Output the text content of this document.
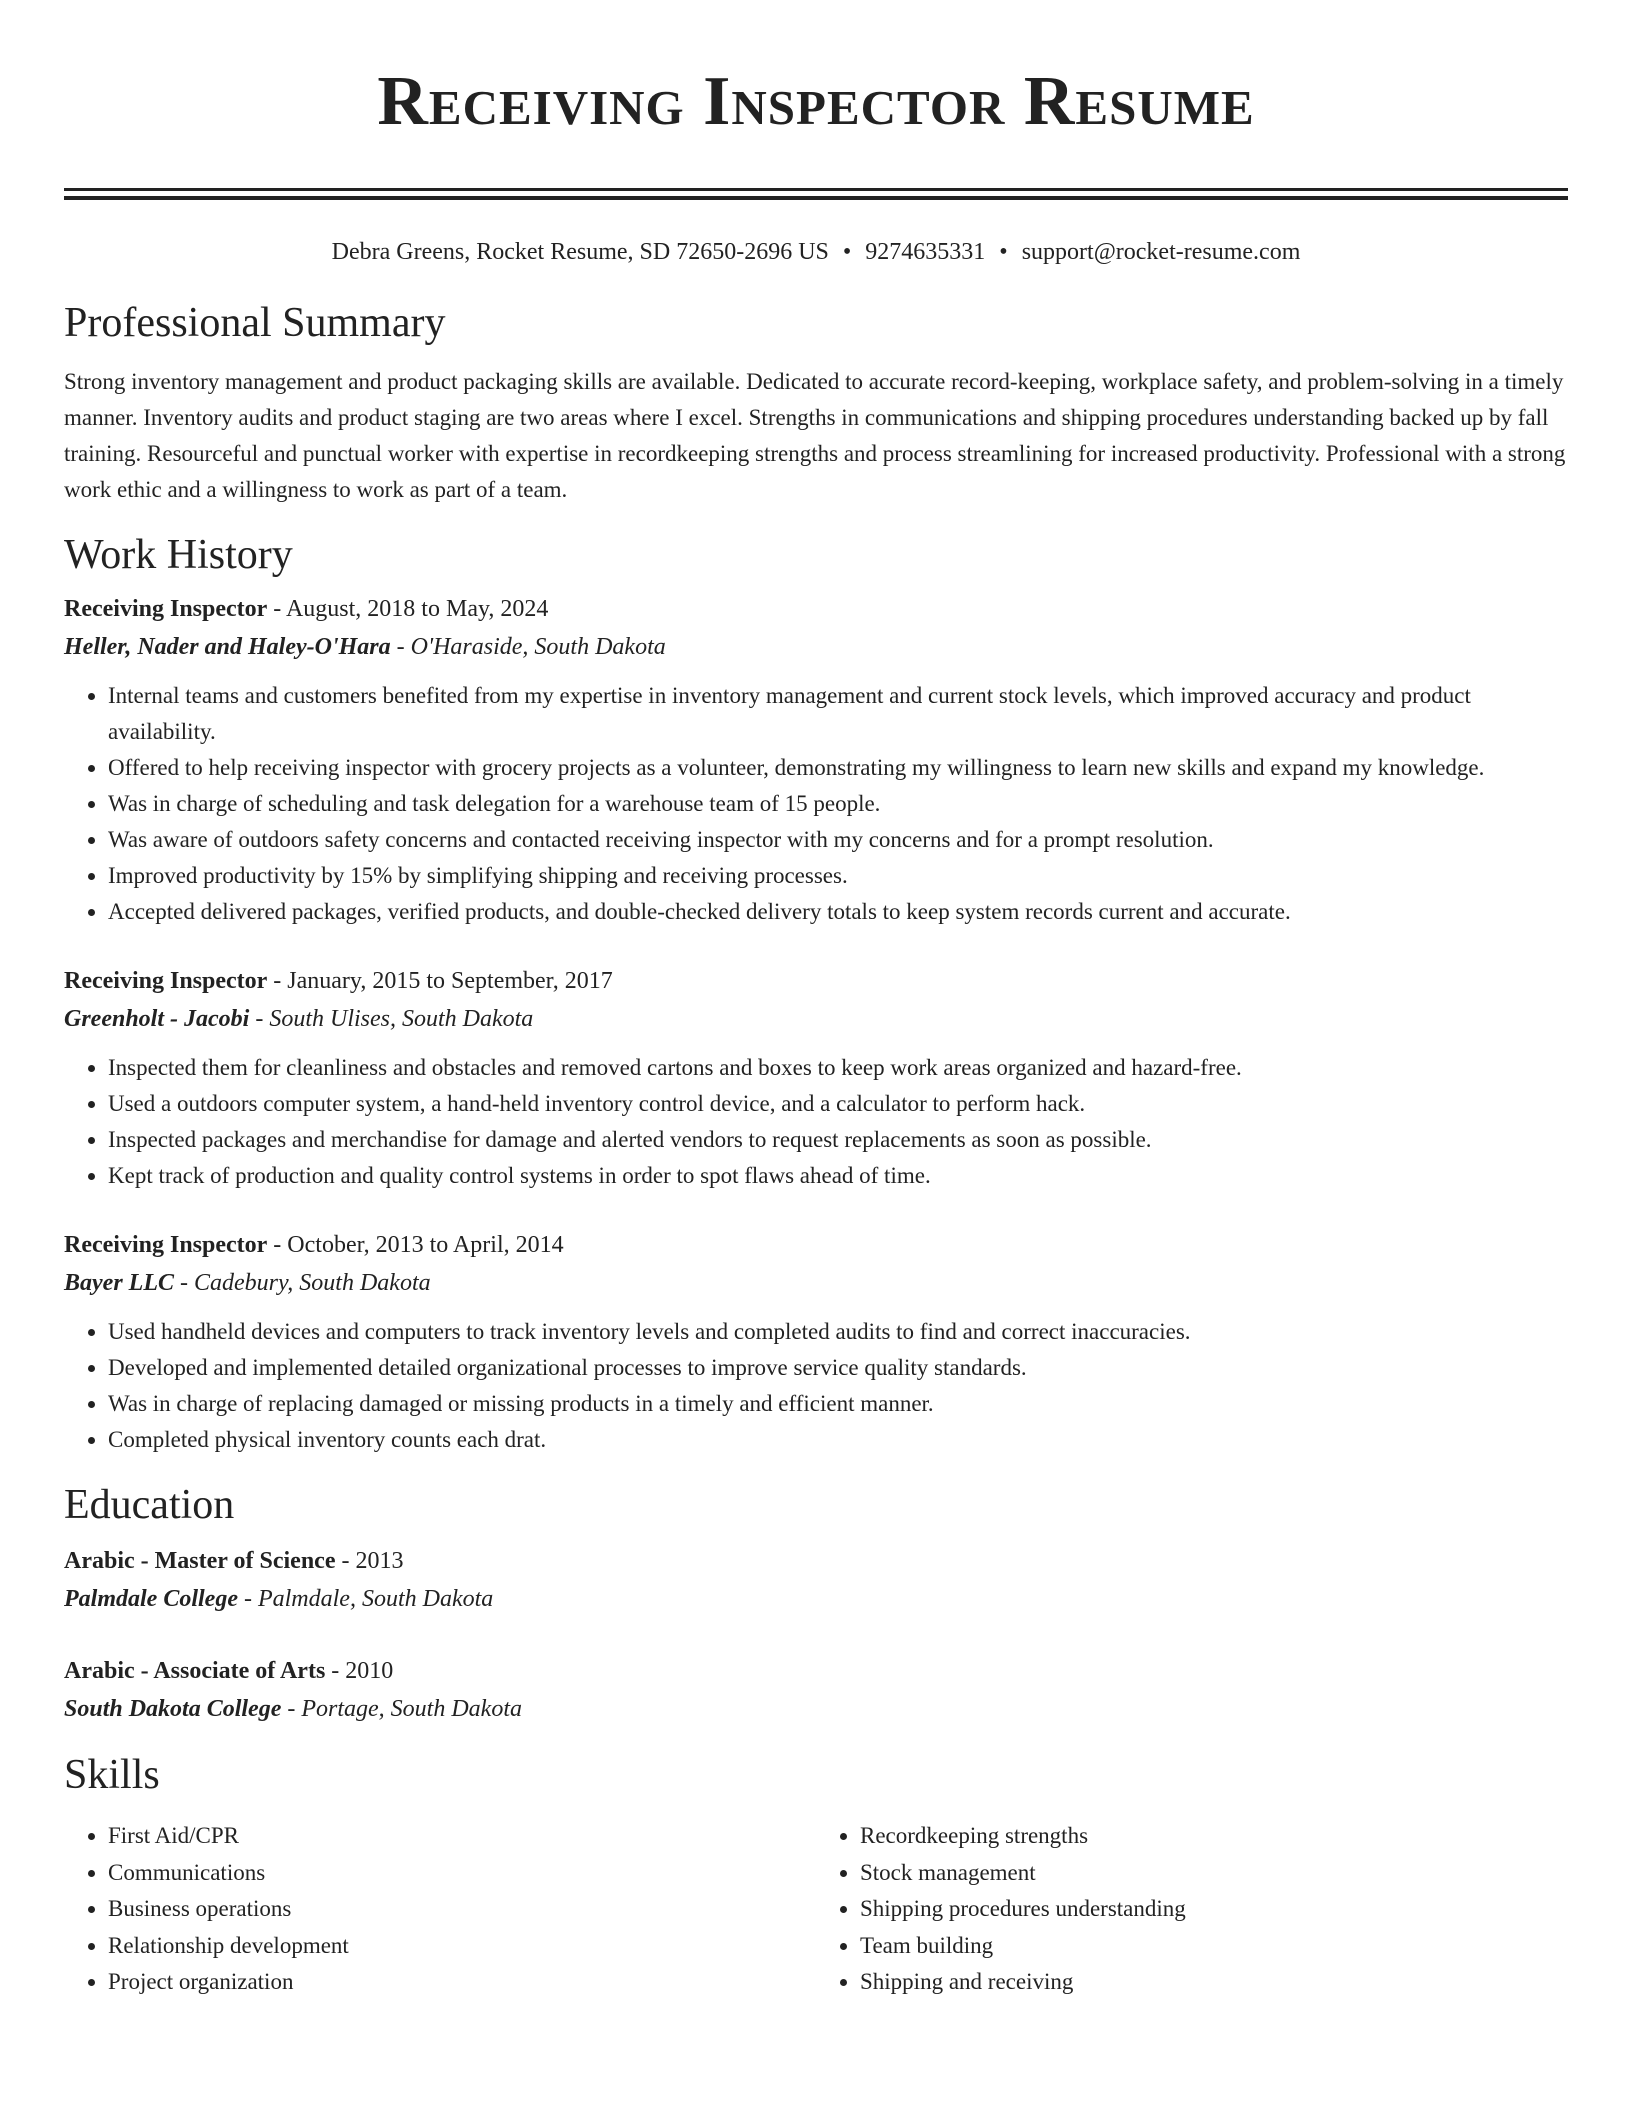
Receiving Inspector Resume
Debra Greens, Rocket Resume, SD 72650-2696 US • 9274635331 • support@rocket-resume.com
Professional Summary

Strong inventory management and product packaging skills are available. Dedicated to accurate record-keeping, workplace safety, and problem-solving in a timely manner. Inventory audits and product staging are two areas where I excel. Strengths in communications and shipping procedures understanding backed up by fall training. Resourceful and punctual worker with expertise in recordkeeping strengths and process streamlining for increased productivity. Professional with a strong work ethic and a willingness to work as part of a team.

Work History
Receiving Inspector - August, 2018 to May, 2024
Heller, Nader and Haley-O'Hara - O'Haraside, South Dakota
• Internal teams and customers benefited from my expertise in inventory management and current stock levels, which improved accuracy and product availability.
• Offered to help receiving inspector with grocery projects as a volunteer, demonstrating my willingness to learn new skills and expand my knowledge.
• Was in charge of scheduling and task delegation for a warehouse team of 15 people.
• Was aware of outdoors safety concerns and contacted receiving inspector with my concerns and for a prompt resolution.
• Improved productivity by 15% by simplifying shipping and receiving processes.
• Accepted delivered packages, verified products, and double-checked delivery totals to keep system records current and accurate.
Receiving Inspector - January, 2015 to September, 2017
Greenholt - Jacobi - South Ulises, South Dakota
• Inspected them for cleanliness and obstacles and removed cartons and boxes to keep work areas organized and hazard-free.
• Used a outdoors computer system, a hand-held inventory control device, and a calculator to perform hack.
• Inspected packages and merchandise for damage and alerted vendors to request replacements as soon as possible.
• Kept track of production and quality control systems in order to spot flaws ahead of time.
Receiving Inspector - October, 2013 to April, 2014
Bayer LLC - Cadebury, South Dakota
• Used handheld devices and computers to track inventory levels and completed audits to find and correct inaccuracies.
• Developed and implemented detailed organizational processes to improve service quality standards.
• Was in charge of replacing damaged or missing products in a timely and efficient manner.
• Completed physical inventory counts each drat.
Education
Arabic - Master of Science - 2013
Palmdale College - Palmdale, South Dakota
Arabic - Associate of Arts - 2010
South Dakota College - Portage, South Dakota
Skills
• First Aid/CPR
• Communications
• Business operations
• Relationship development
• Project organization
• Recordkeeping strengths
• Stock management
• Shipping procedures understanding
• Team building
• Shipping and receiving
